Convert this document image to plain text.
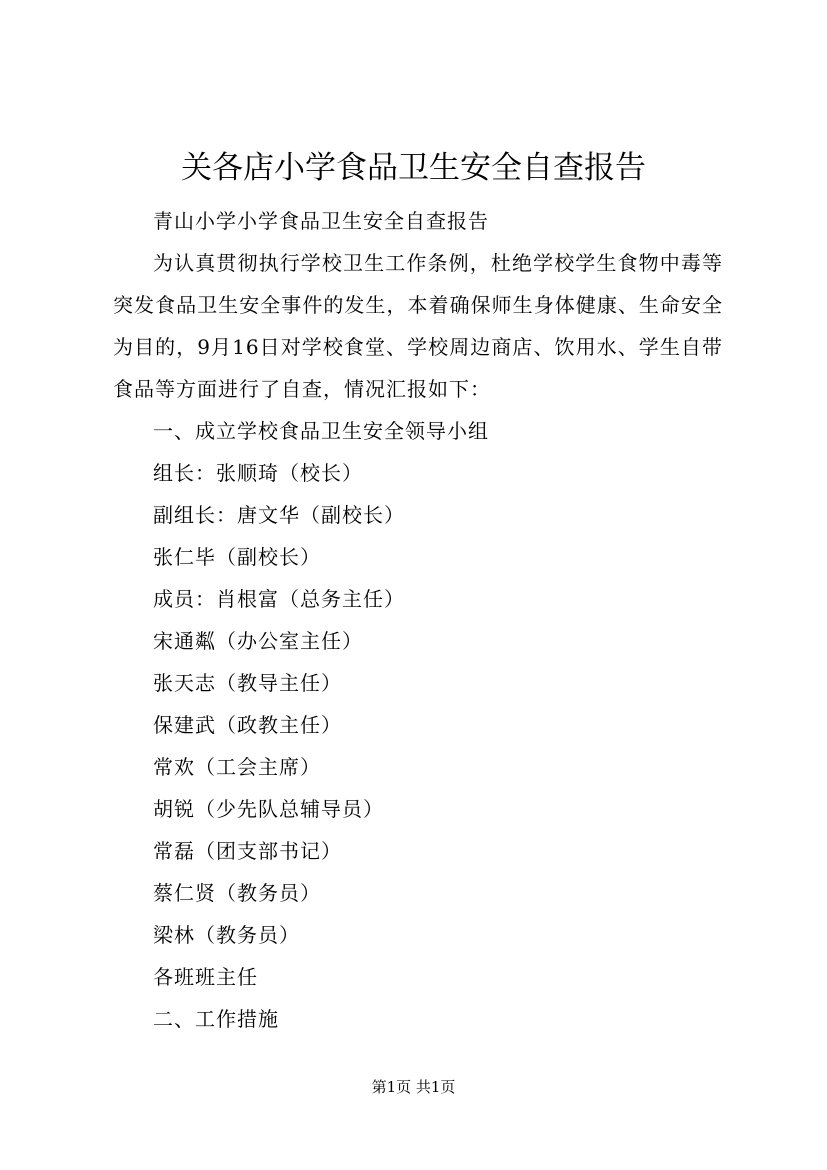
关各店小学食品卫生安全自查报告

青山小学小学食品卫生安全自查报告

为认真贯彻执行学校卫生工作条例，杜绝学校学生食物中毒等突发食品卫生安全事件的发生，本着确保师生身体健康、生命安全为目的，9月16日对学校食堂、学校周边商店、饮用水、学生自带食品等方面进行了自查，情况汇报如下：

一、成立学校食品卫生安全领导小组

组长：张顺琦（校长）

副组长：唐文华（副校长）

张仁毕（副校长）

成员：肖根富（总务主任）

宋通粼（办公室主任）

张天志（教导主任）

保建武（政教主任）

常欢（工会主席）

胡锐（少先队总辅导员）

常磊（团支部书记）

蔡仁贤（教务员）

梁林（教务员）

各班班主任

二、工作措施

第1页 共1页
